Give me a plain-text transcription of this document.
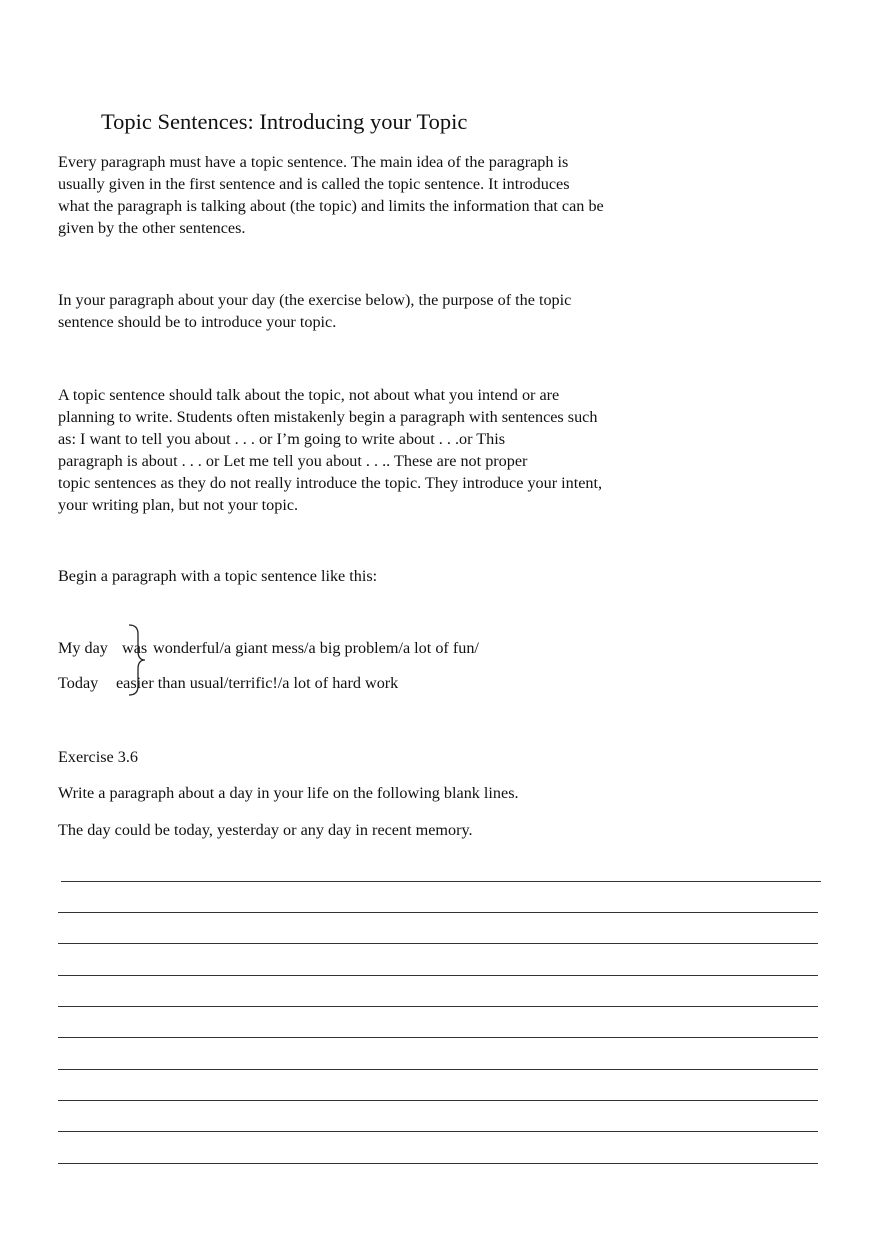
Topic Sentences: Introducing your Topic
Every paragraph must have a topic sentence. The main idea of the paragraph is
usually given in the first sentence and is called the topic sentence. It introduces
what the paragraph is talking about (the topic) and limits the information that can be
given by the other sentences.
In your paragraph about your day (the exercise below), the purpose of the topic
sentence should be to introduce your topic.
A topic sentence should talk about the topic, not about what you intend or are
planning to write. Students often mistakenly begin a paragraph with sentences such
as: I want to tell you about . . . or I’m going to write about . . .or This
paragraph is about . . . or Let me tell you about . . .. These are not proper
topic sentences as they do not really introduce the topic. They introduce your intent,
your writing plan, but not your topic.
Begin a paragraph with a topic sentence like this:
My day was wonderful/a giant mess/a big problem/a lot of fun/
Today easier than usual/terrific!/a lot of hard work
Exercise 3.6
Write a paragraph about a day in your life on the following blank lines.
The day could be today, yesterday or any day in recent memory.
